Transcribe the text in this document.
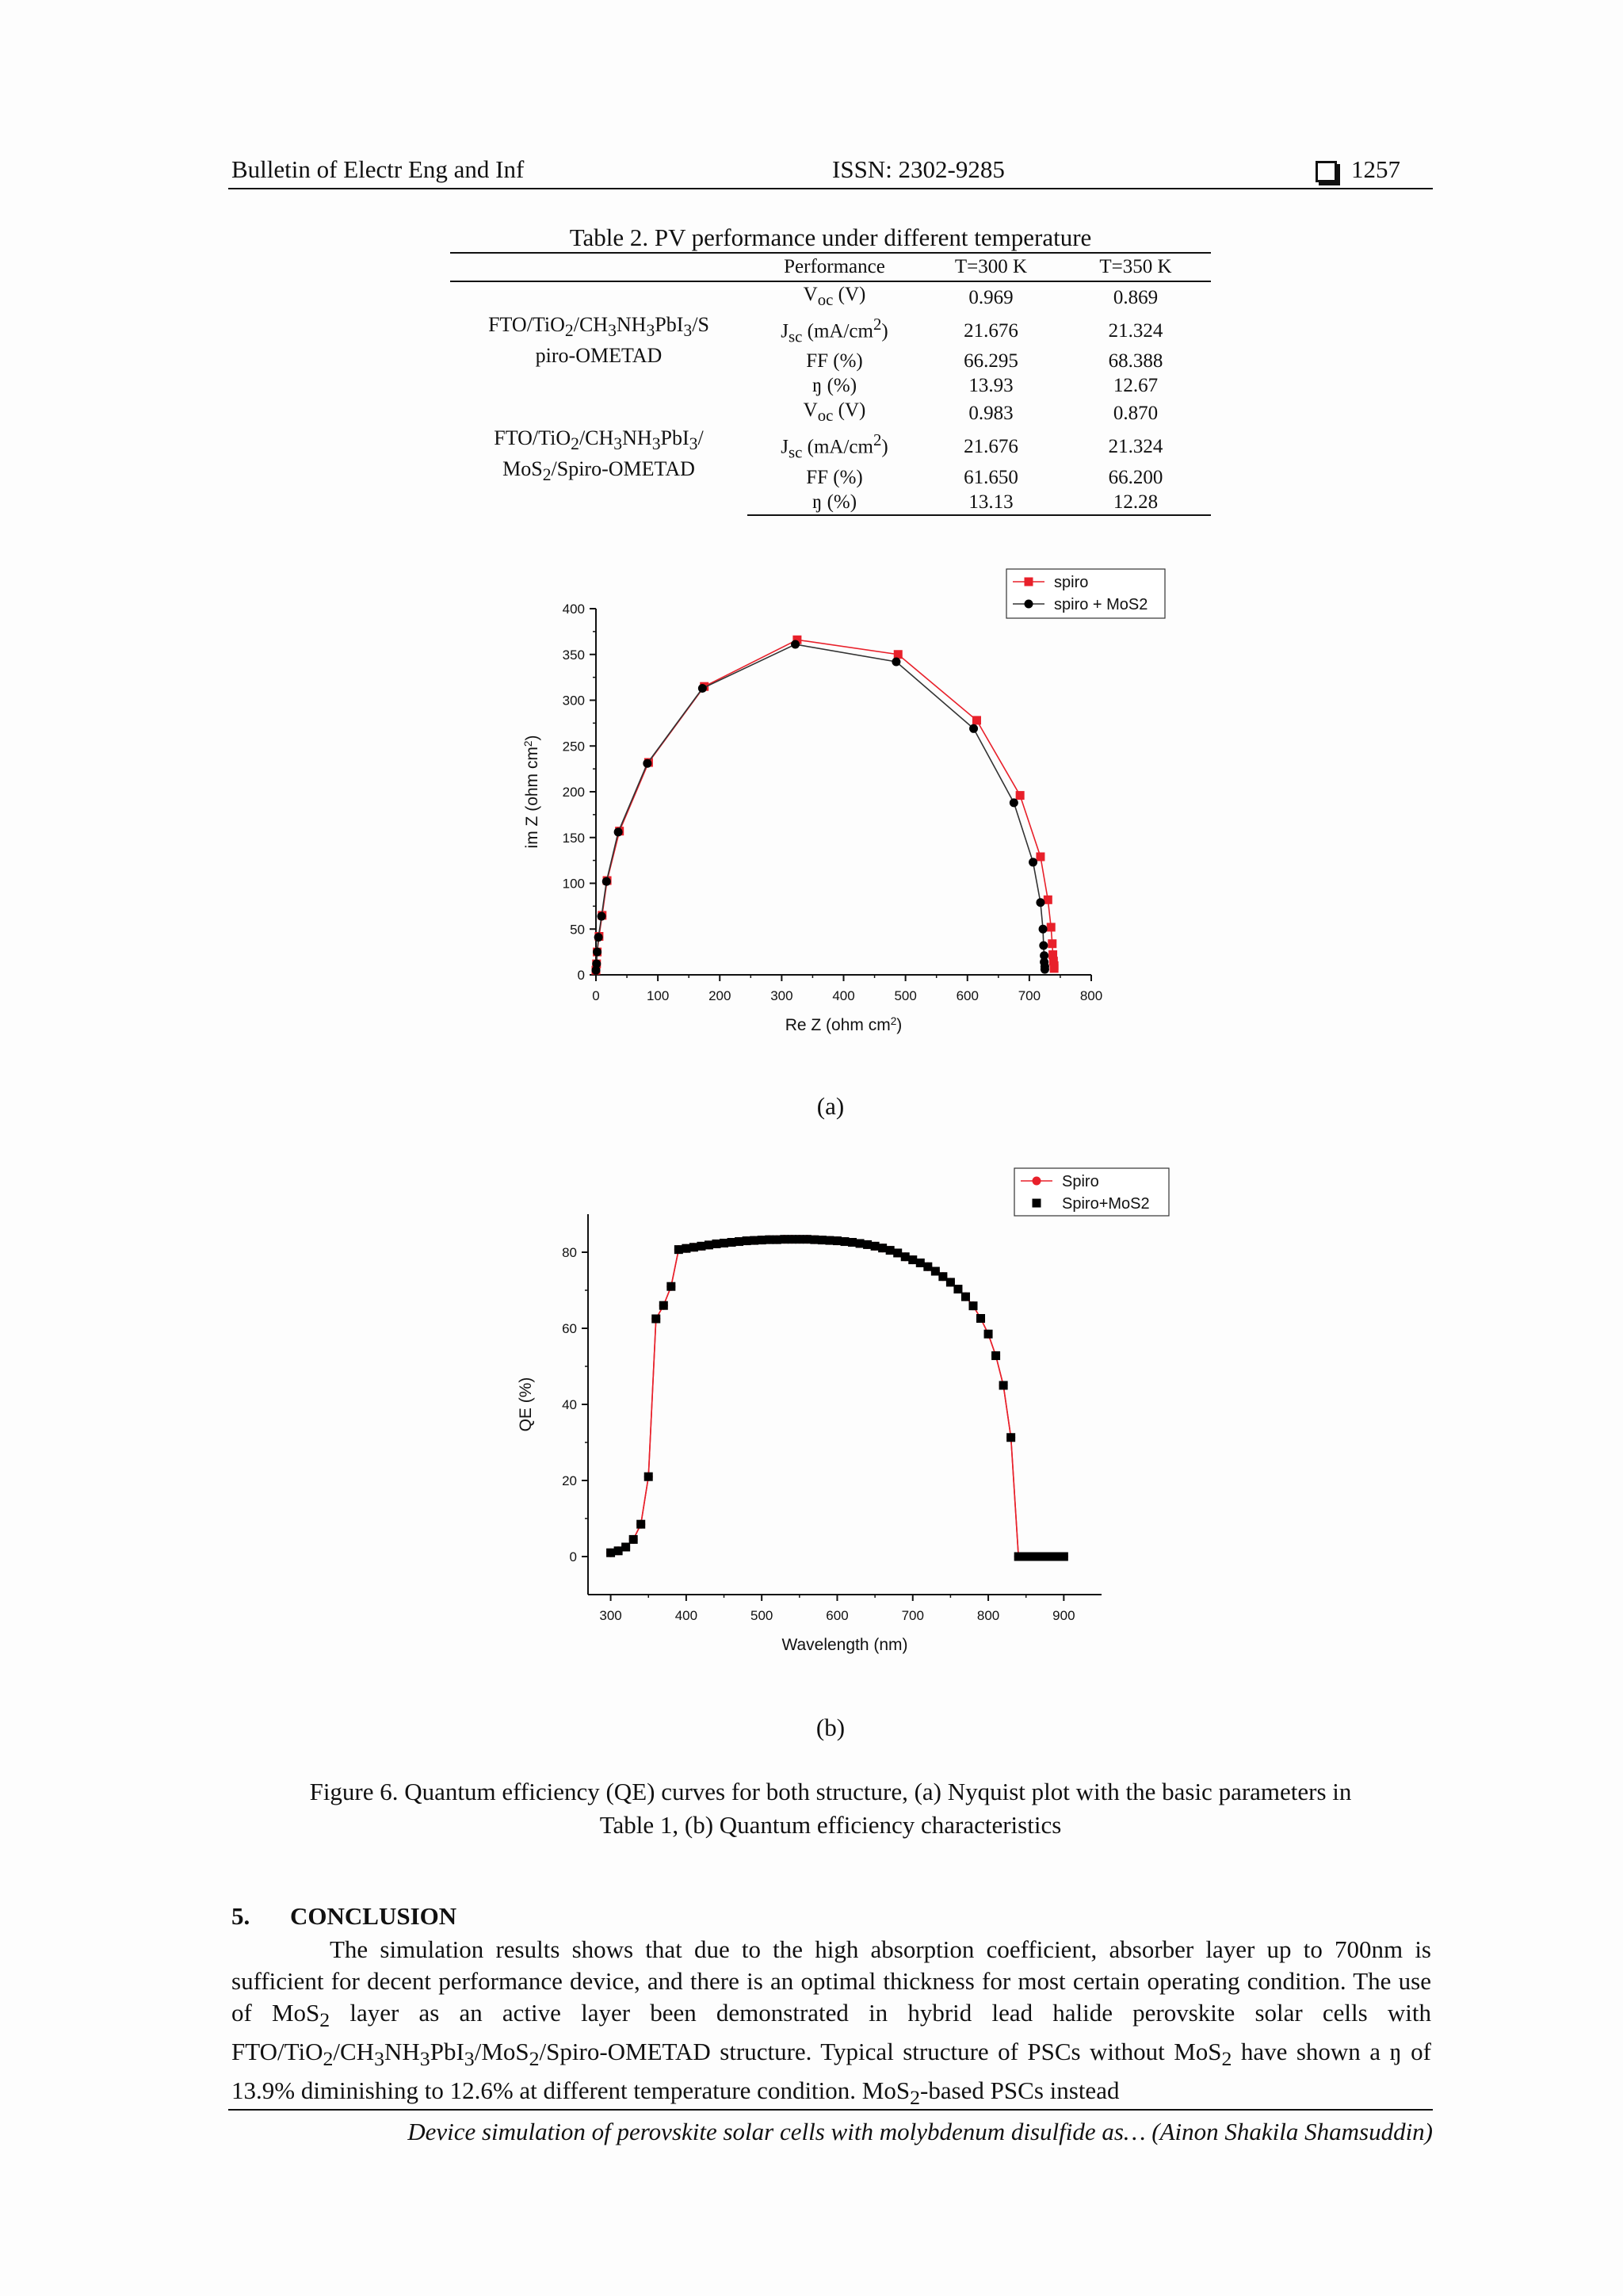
Bulletin of Electr Eng and Inf	ISSN: 2302-9285	1257
Table 2. PV performance under different temperature
	Performance	T=300 K	T=350 K
FTO/$TiO_2/CH_3NH_3PbI_3/S$
piro-OMETAD	$V_{oc}$ (V)	0.969	0.869
	$J_{sc}$ $(mA/cm^2)$	21.676	21.324
	FF (%)	66.295	68.388
	ŋ (%)	13.93	12.67
FTO/$TiO_2/CH_3NH_3PbI_3/$
MoS$_2$/Spiro-OMETAD	$V_{oc}$ (V)	0.983	0.870
	$J_{sc}$ $(mA/cm^2)$	21.676	21.324
	FF (%)	61.650	66.200
	ŋ (%)	13.13	12.28
0	100	200	300	400	500	600	700	800
0
50
100
150
200
250
300
350
400
Re Z (ohm $cm^2$)
im Z (ohm $cm^2$)
spiro
spiro + MoS2
(a)
300	400	500	600	700	800	900
0
20
40
60
80
Wavelength (nm)
QE (%)
Spiro
Spiro+MoS2
(b)
Figure 6. Quantum efficiency (QE) curves for both structure, (a) Nyquist plot with the basic parameters in
Table 1, (b) Quantum efficiency characteristics
5. CONCLUSION

The simulation results shows that due to the high absorption coefficient, absorber layer up to 700nm is sufficient for decent performance device, and there is an optimal thickness for most certain operating condition. The use of MoS$_2$ layer as an active layer been demonstrated in hybrid lead halide perovskite solar cells with FTO/$TiO_2/CH_3NH_3PbI_3/MoS_2/Spiro$-OMETAD structure. Typical structure of PSCs without MoS$_2$ have shown a ŋ of 13.9% diminishing to 12.6% at different temperature condition. MoS$_2$-based PSCs instead

Device simulation of perovskite solar cells with molybdenum disulfide as… (Ainon Shakila Shamsuddin)
